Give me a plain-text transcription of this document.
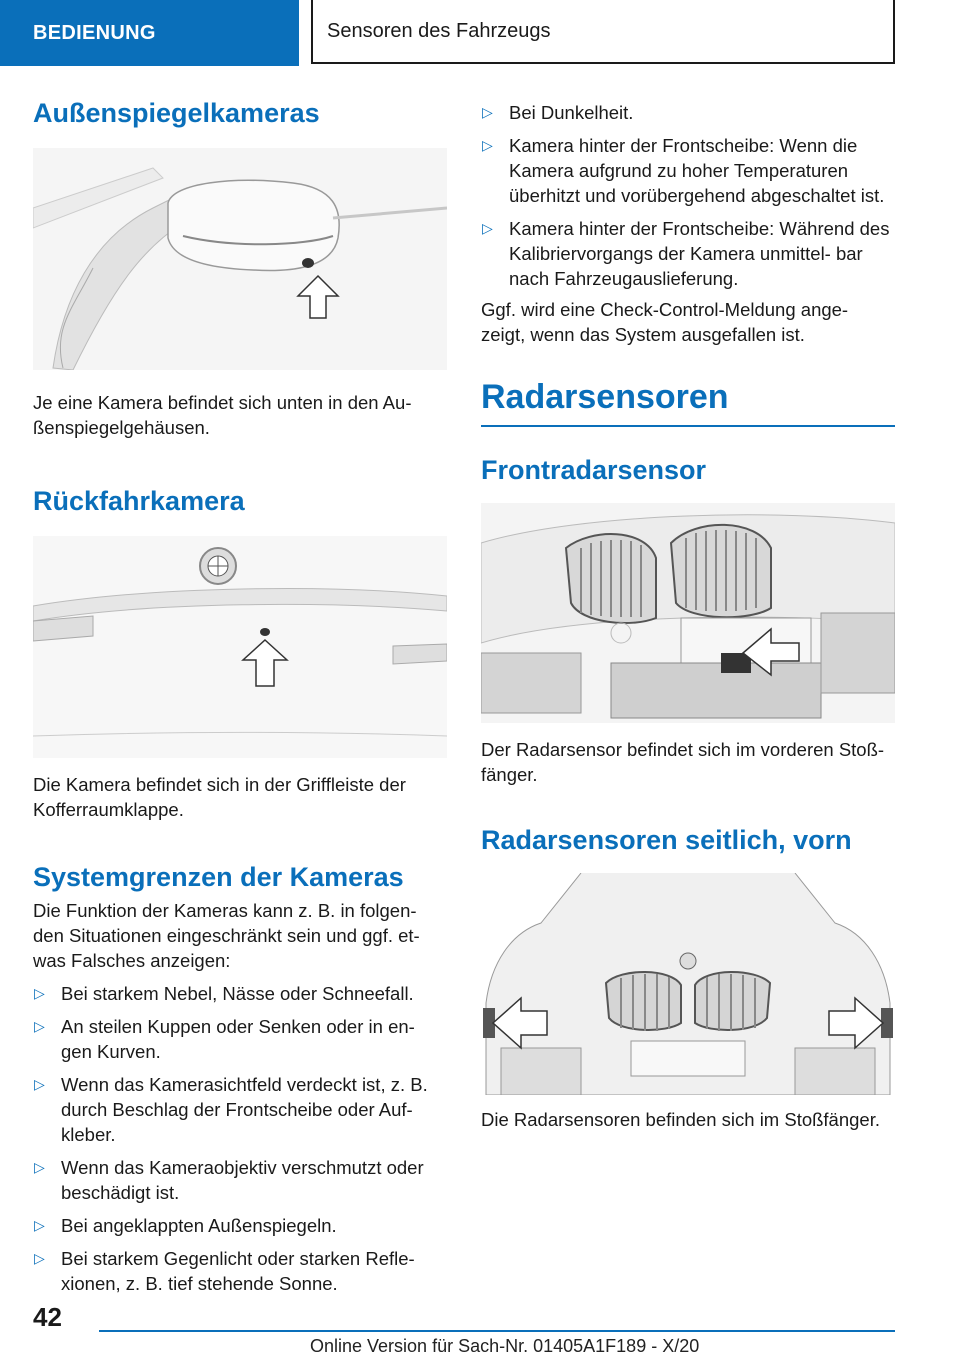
BEDIENUNG	Sensoren des Fahrzeugs
Außenspiegelkameras

Je eine Kamera befindet sich unten in den Au‐ ßenspiegelgehäusen.

Rückfahrkamera

Die Kamera befindet sich in der Griffleiste der Kofferraumklappe.

Systemgrenzen der Kameras

Die Funktion der Kameras kann z. B. in folgen‐ den Situationen eingeschränkt sein und ggf. et‐ was Falsches anzeigen:

▷ Bei starkem Nebel, Nässe oder Schneefall.
▷ An steilen Kuppen oder Senken oder in en‐ gen Kurven.
▷ Wenn das Kamerasichtfeld verdeckt ist, z. B. durch Beschlag der Frontscheibe oder Auf‐ kleber.
▷ Wenn das Kameraobjektiv verschmutzt oder beschädigt ist.
▷ Bei angeklappten Außenspiegeln.
▷ Bei starkem Gegenlicht oder starken Refle‐ xionen, z. B. tief stehende Sonne.
▷ Bei Dunkelheit.
▷ Kamera hinter der Frontscheibe: Wenn die Kamera aufgrund zu hoher Temperaturen überhitzt und vorübergehend abgeschaltet ist.
▷ Kamera hinter der Frontscheibe: Während des Kalibriervorgangs der Kamera unmittel‐ bar nach Fahrzeugauslieferung.

Ggf. wird eine Check-Control-Meldung ange‐ zeigt, wenn das System ausgefallen ist.

Radarsensoren
Frontradarsensor

Der Radarsensor befindet sich im vorderen Stoß‐ fänger.

Radarsensoren seitlich, vorn

Die Radarsensoren befinden sich im Stoßfänger.

42
Online Version für Sach-Nr. 01405A1F189 - X/20
